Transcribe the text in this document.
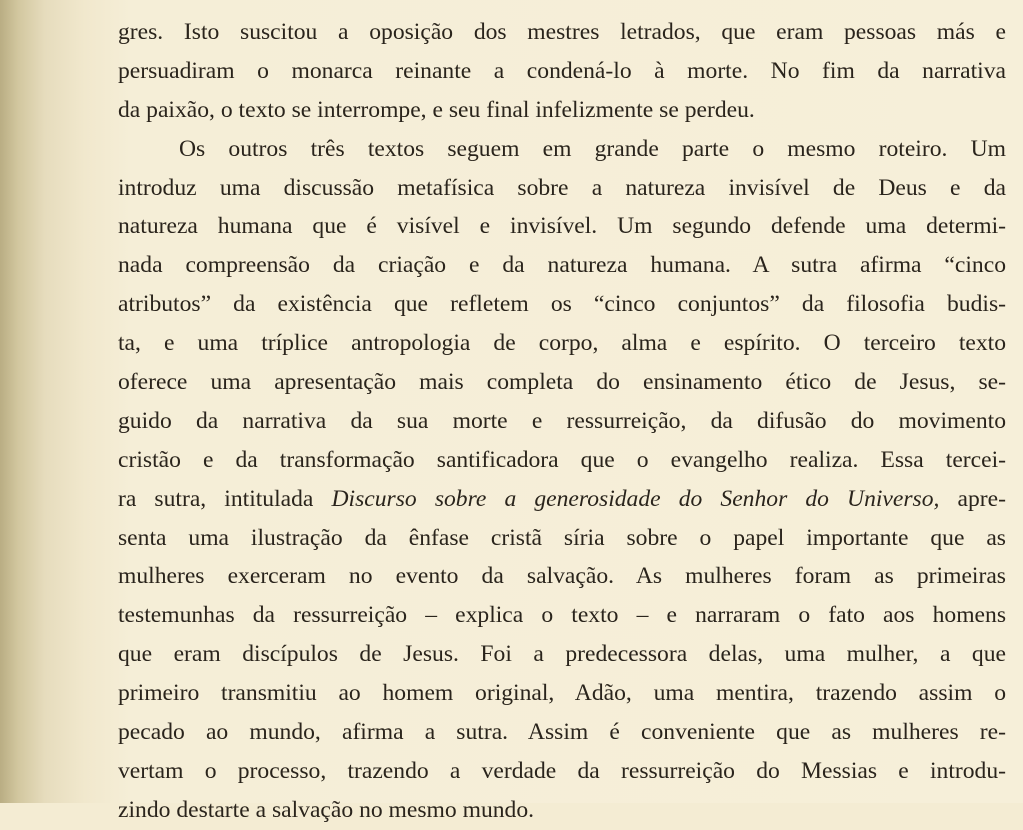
gres. Isto suscitou a oposição dos mestres letrados, que eram pessoas más e
persuadiram o monarca reinante a condená-lo à morte. No fim da narrativa
da paixão, o texto se interrompe, e seu final infelizmente se perdeu.
Os outros três textos seguem em grande parte o mesmo roteiro. Um
introduz uma discussão metafísica sobre a natureza invisível de Deus e da
natureza humana que é visível e invisível. Um segundo defende uma determi-
nada compreensão da criação e da natureza humana. A sutra afirma “cinco
atributos” da existência que refletem os “cinco conjuntos” da filosofia budis-
ta, e uma tríplice antropologia de corpo, alma e espírito. O terceiro texto
oferece uma apresentação mais completa do ensinamento ético de Jesus, se-
guido da narrativa da sua morte e ressurreição, da difusão do movimento
cristão e da transformação santificadora que o evangelho realiza. Essa tercei-
ra sutra, intitulada Discurso sobre a generosidade do Senhor do Universo, apre-
senta uma ilustração da ênfase cristã síria sobre o papel importante que as
mulheres exerceram no evento da salvação. As mulheres foram as primeiras
testemunhas da ressurreição – explica o texto – e narraram o fato aos homens
que eram discípulos de Jesus. Foi a predecessora delas, uma mulher, a que
primeiro transmitiu ao homem original, Adão, uma mentira, trazendo assim o
pecado ao mundo, afirma a sutra. Assim é conveniente que as mulheres re-
vertam o processo, trazendo a verdade da ressurreição do Messias e introdu-
zindo destarte a salvação no mesmo mundo.
